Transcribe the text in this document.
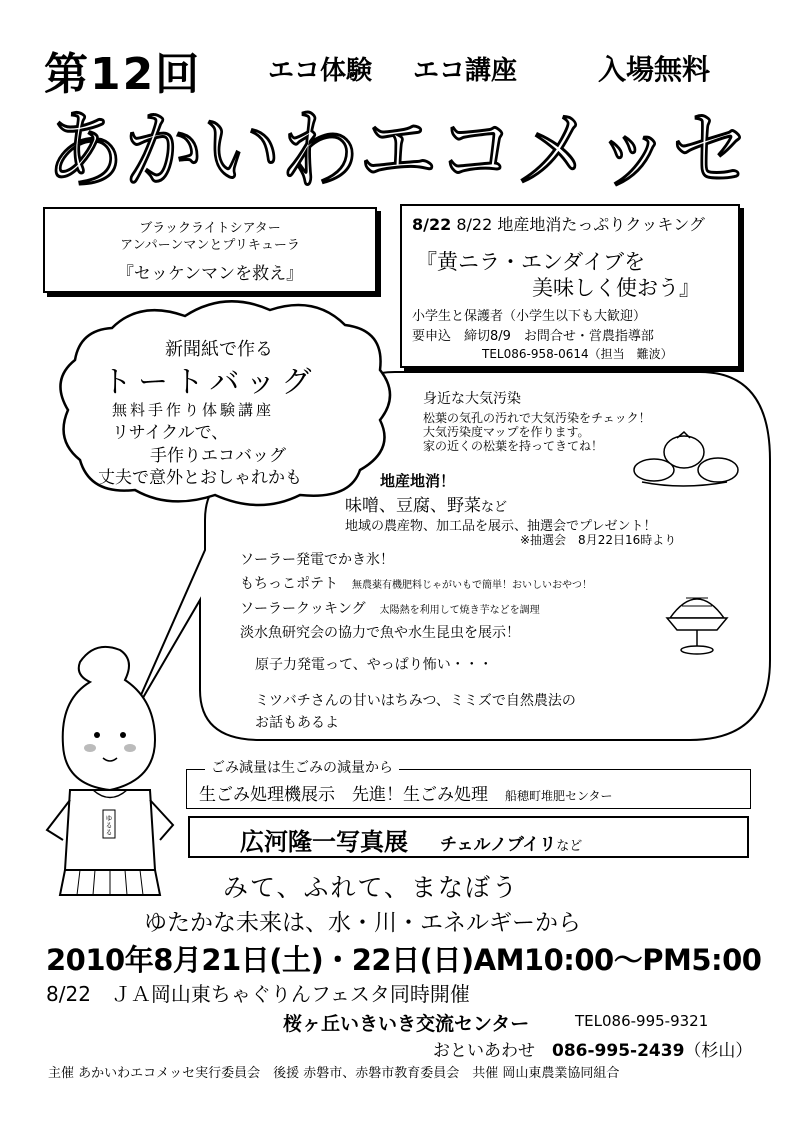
第12回	エコ体験 エコ講座	入場無料
あかいわエコメッセ
ブラックライトシアター
アンパーンマンとプリキューラ
『セッケンマンを救え』
8/22 8/22 地産地消たっぷりクッキング
『黄ニラ・エンダイブを
美味しく使おう』
小学生と保護者（小学生以下も大歓迎）
要申込　締切8/9　お問合せ・営農指導部
TEL086-958-0614（担当　難波）
新聞紙で作る
トートバッグ
無料手作り体験講座
リサイクルで、
手作りエコバッグ
丈夫で意外とおしゃれかも
身近な大気汚染
松葉の気孔の汚れで大気汚染をチェック！
大気汚染度マップを作ります。
家の近くの松葉を持ってきてね！
地産地消！
味噌、豆腐、野菜など
地域の農産物、加工品を展示、抽選会でプレゼント！
※抽選会　8月22日16時より
ソーラー発電でかき氷！
もちっこポテト　 無農薬有機肥料じゃがいもで簡単！おいしいおやつ！
ソーラークッキング　 太陽熱を利用して焼き芋などを調理
淡水魚研究会の協力で魚や水生昆虫を展示！
原子力発電って、やっぱり怖い・・・
ミツバチさんの甘いはちみつ、ミミズで自然農法の
お話もあるよ
ゆるる
生ごみ処理機展示　先進！生ごみ処理　 船穂町堆肥センター
ごみ減量は生ごみの減量から
広河隆一写真展　　 チェルノブイリなど
みて、ふれて、まなぼう
ゆたかな未来は、水・川・エネルギーから
2010年8月21日(土)・22日(日)AM10:00〜PM5:00
8/22　ＪＡ岡山東ちゃぐりんフェスタ同時開催
桜ヶ丘いきいき交流センター	TEL086-995-9321
おといあわせ　 086-995-2439（杉山）
主催 あかいわエコメッセ実行委員会　後援 赤磐市、赤磐市教育委員会　共催 岡山東農業協同組合
